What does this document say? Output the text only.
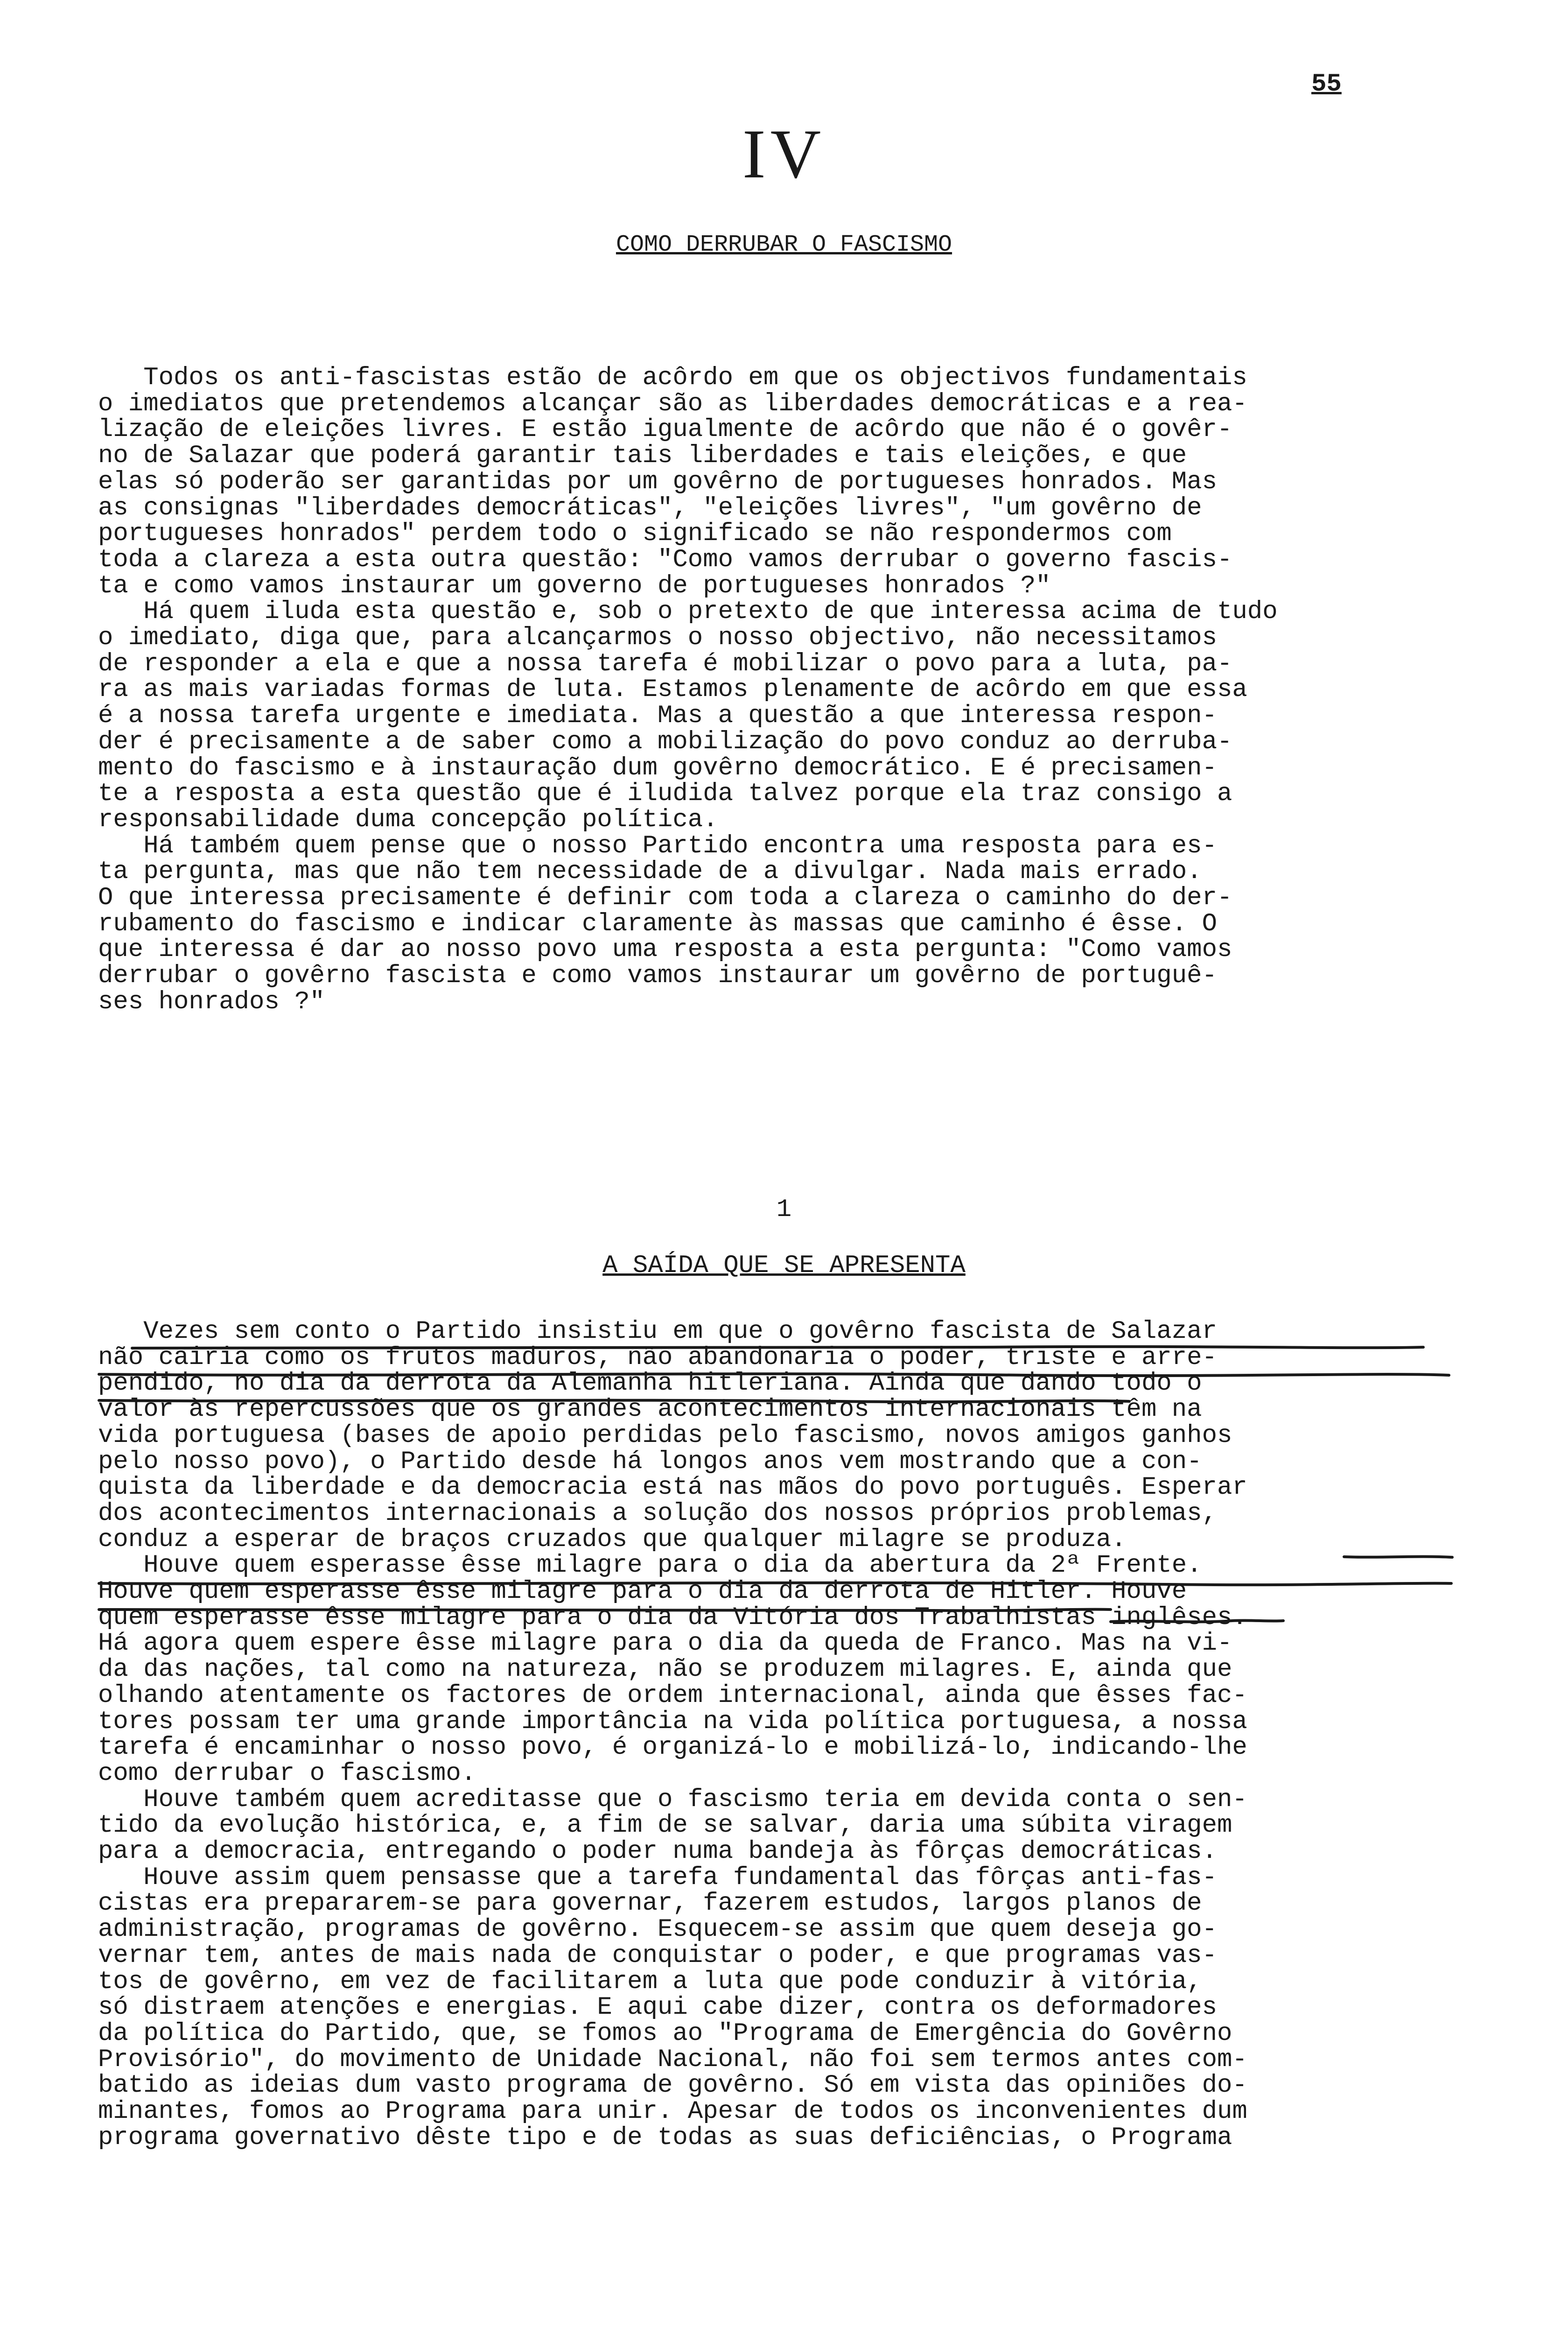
55
IV
COMO DERRUBAR O FASCISMO
Todos os anti-fascistas estão de acôrdo em que os objectivos fundamentais
o imediatos que pretendemos alcançar são as liberdades democráticas e a rea-
lização de eleições livres. E estão igualmente de acôrdo que não é o govêr-
no de Salazar que poderá garantir tais liberdades e tais eleições, e que
elas só poderão ser garantidas por um govêrno de portugueses honrados. Mas
as consignas "liberdades democráticas", "eleições livres", "um govêrno de
portugueses honrados" perdem todo o significado se não respondermos com
toda a clareza a esta outra questão: "Como vamos derrubar o governo fascis-
ta e como vamos instaurar um governo de portugueses honrados ?"
Há quem iluda esta questão e, sob o pretexto de que interessa acima de tudo
o imediato, diga que, para alcançarmos o nosso objectivo, não necessitamos
de responder a ela e que a nossa tarefa é mobilizar o povo para a luta, pa-
ra as mais variadas formas de luta. Estamos plenamente de acôrdo em que essa
é a nossa tarefa urgente e imediata. Mas a questão a que interessa respon-
der é precisamente a de saber como a mobilização do povo conduz ao derruba-
mento do fascismo e à instauração dum govêrno democrático. E é precisamen-
te a resposta a esta questão que é iludida talvez porque ela traz consigo a
responsabilidade duma concepção política.
Há também quem pense que o nosso Partido encontra uma resposta para es-
ta pergunta, mas que não tem necessidade de a divulgar. Nada mais errado.
O que interessa precisamente é definir com toda a clareza o caminho do der-
rubamento do fascismo e indicar claramente às massas que caminho é êsse. O
que interessa é dar ao nosso povo uma resposta a esta pergunta: "Como vamos
derrubar o govêrno fascista e como vamos instaurar um govêrno de portuguê-
ses honrados ?"
1
A SAÍDA QUE SE APRESENTA
Vezes sem conto o Partido insistiu em que o govêrno fascista de Salazar
não cairia como os frutos maduros, não abandonaria o poder, triste e arre-
pendido, no dia da derrota da Alemanha hitleriana. Ainda que dando todo o
valor às repercussões que os grandes acontecimentos internacionais têm na
vida portuguesa (bases de apoio perdidas pelo fascismo, novos amigos ganhos
pelo nosso povo), o Partido desde há longos anos vem mostrando que a con-
quista da liberdade e da democracia está nas mãos do povo português. Esperar
dos acontecimentos internacionais a solução dos nossos próprios problemas,
conduz a esperar de braços cruzados que qualquer milagre se produza.
Houve quem esperasse êsse milagre para o dia da abertura da 2ª Frente.
Houve quem esperasse êsse milagre para o dia da derrota de Hitler. Houve
quem esperasse êsse milagre para o dia da Vitória dos Trabalhistas inglêses.
Há agora quem espere êsse milagre para o dia da queda de Franco. Mas na vi-
da das nações, tal como na natureza, não se produzem milagres. E, ainda que
olhando atentamente os factores de ordem internacional, ainda que êsses fac-
tores possam ter uma grande importância na vida política portuguesa, a nossa
tarefa é encaminhar o nosso povo, é organizá-lo e mobilizá-lo, indicando-lhe
como derrubar o fascismo.
Houve também quem acreditasse que o fascismo teria em devida conta o sen-
tido da evolução histórica, e, a fim de se salvar, daria uma súbita viragem
para a democracia, entregando o poder numa bandeja às fôrças democráticas.
Houve assim quem pensasse que a tarefa fundamental das fôrças anti-fas-
cistas era prepararem-se para governar, fazerem estudos, largos planos de
administração, programas de govêrno. Esquecem-se assim que quem deseja go-
vernar tem, antes de mais nada de conquistar o poder, e que programas vas-
tos de govêrno, em vez de facilitarem a luta que pode conduzir à vitória,
só distraem atenções e energias. E aqui cabe dizer, contra os deformadores
da política do Partido, que, se fomos ao "Programa de Emergência do Govêrno
Provisório", do movimento de Unidade Nacional, não foi sem termos antes com-
batido as ideias dum vasto programa de govêrno. Só em vista das opiniões do-
minantes, fomos ao Programa para unir. Apesar de todos os inconvenientes dum
programa governativo dêste tipo e de todas as suas deficiências, o Programa
